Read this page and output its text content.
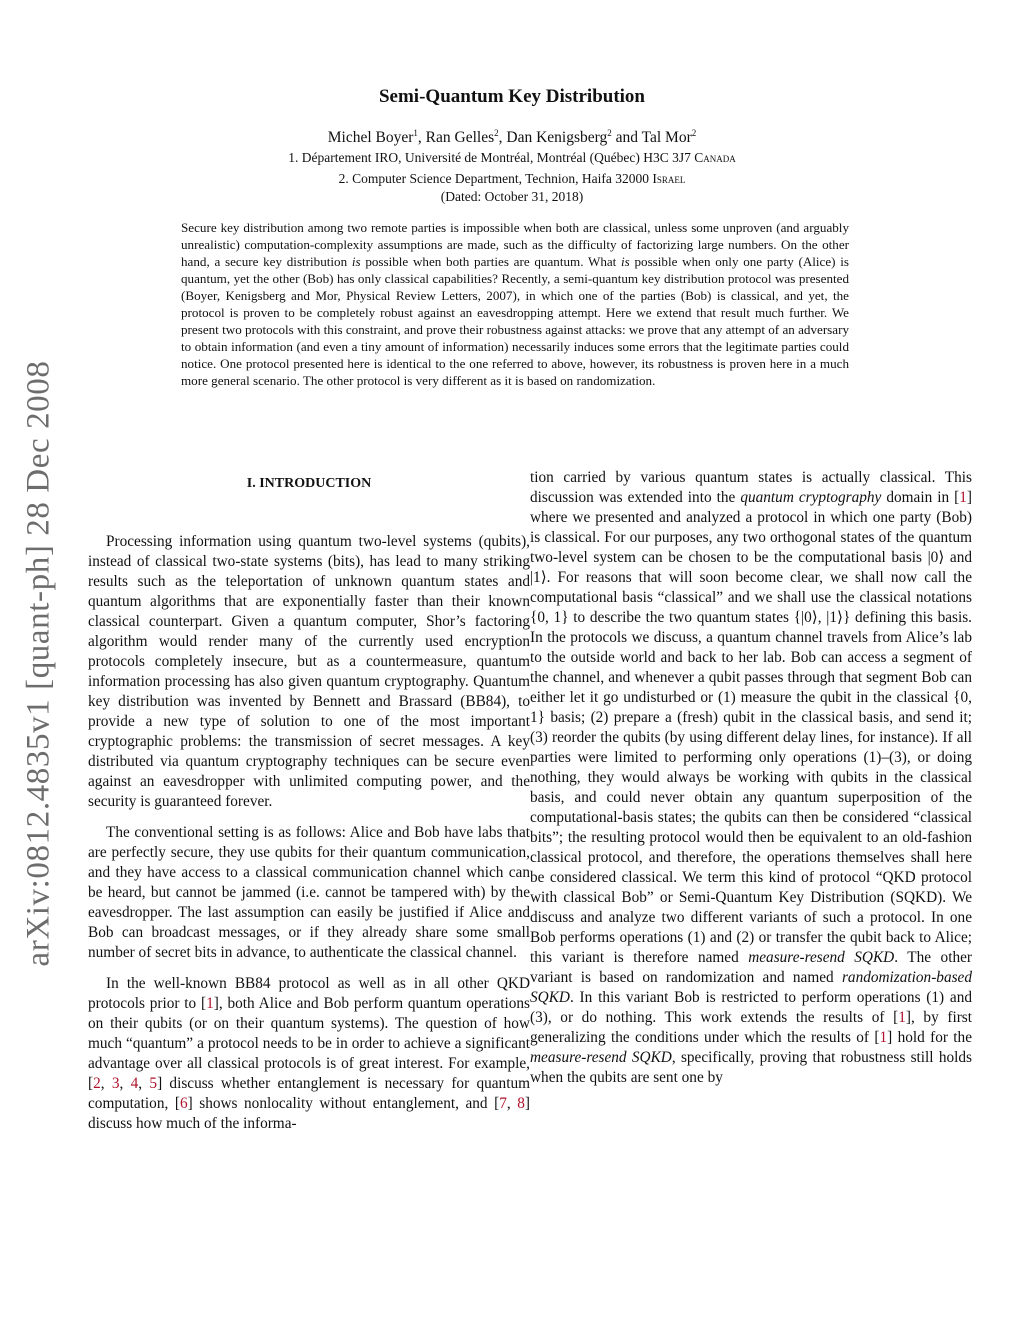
arXiv:0812.4835v1 [quant-ph] 28 Dec 2008
Semi-Quantum Key Distribution
Michel Boyer$^1$, Ran Gelles$^2$, Dan Kenigsberg$^2$ and Tal Mor$^2$
1. Département IRO, Université de Montréal, Montréal (Québec) H3C 3J7 Canada
2. Computer Science Department, Technion, Haifa 32000 Israel
(Dated: October 31, 2018)

Secure key distribution among two remote parties is impossible when both are classical, unless some unproven (and arguably unrealistic) computation-complexity assumptions are made, such as the difficulty of factorizing large numbers. On the other hand, a secure key distribution is possible when both parties are quantum. What is possible when only one party (Alice) is quantum, yet the other (Bob) has only classical capabilities? Recently, a semi-quantum key distribution protocol was presented (Boyer, Kenigsberg and Mor, Physical Review Letters, 2007), in which one of the parties (Bob) is classical, and yet, the protocol is proven to be completely robust against an eavesdropping attempt. Here we extend that result much further. We present two protocols with this constraint, and prove their robustness against attacks: we prove that any attempt of an adversary to obtain information (and even a tiny amount of information) necessarily induces some errors that the legitimate parties could notice. One protocol presented here is identical to the one referred to above, however, its robustness is proven here in a much more general scenario. The other protocol is very different as it is based on randomization.

I. INTRODUCTION

Processing information using quantum two-level systems (qubits), instead of classical two-state systems (bits), has lead to many striking results such as the teleportation of unknown quantum states and quantum algorithms that are exponentially faster than their known classical counterpart. Given a quantum computer, Shor’s factoring algorithm would render many of the currently used encryption protocols completely insecure, but as a countermeasure, quantum information processing has also given quantum cryptography. Quantum key distribution was invented by Bennett and Brassard (BB84), to provide a new type of solution to one of the most important cryptographic problems: the transmission of secret messages. A key distributed via quantum cryptography techniques can be secure even against an eavesdropper with unlimited computing power, and the security is guaranteed forever.

The conventional setting is as follows: Alice and Bob have labs that are perfectly secure, they use qubits for their quantum communication, and they have access to a classical communication channel which can be heard, but cannot be jammed (i.e. cannot be tampered with) by the eavesdropper. The last assumption can easily be justified if Alice and Bob can broadcast messages, or if they already share some small number of secret bits in advance, to authenticate the classical channel.

In the well-known BB84 protocol as well as in all other QKD protocols prior to [1], both Alice and Bob perform quantum operations on their qubits (or on their quantum systems). The question of how much “quantum” a protocol needs to be in order to achieve a significant advantage over all classical protocols is of great interest. For example, [2, 3, 4, 5] discuss whether entanglement is necessary for quantum computation, [6] shows nonlocality without entanglement, and [7, 8] discuss how much of the informa-

tion carried by various quantum states is actually classical. This discussion was extended into the quantum cryptography domain in [1] where we presented and analyzed a protocol in which one party (Bob) is classical. For our purposes, any two orthogonal states of the quantum two-level system can be chosen to be the computational basis |0⟩ and |1⟩. For reasons that will soon become clear, we shall now call the computational basis “classical” and we shall use the classical notations {0, 1} to describe the two quantum states {|0⟩, |1⟩} defining this basis. In the protocols we discuss, a quantum channel travels from Alice’s lab to the outside world and back to her lab. Bob can access a segment of the channel, and whenever a qubit passes through that segment Bob can either let it go undisturbed or (1) measure the qubit in the classical {0, 1} basis; (2) prepare a (fresh) qubit in the classical basis, and send it; (3) reorder the qubits (by using different delay lines, for instance). If all parties were limited to performing only operations (1)–(3), or doing nothing, they would always be working with qubits in the classical basis, and could never obtain any quantum superposition of the computational-basis states; the qubits can then be considered “classical bits”; the resulting protocol would then be equivalent to an old-fashion classical protocol, and therefore, the operations themselves shall here be considered classical. We term this kind of protocol “QKD protocol with classical Bob” or Semi-Quantum Key Distribution (SQKD). We discuss and analyze two different variants of such a protocol. In one Bob performs operations (1) and (2) or transfer the qubit back to Alice; this variant is therefore named measure-resend SQKD. The other variant is based on randomization and named randomization-based SQKD. In this variant Bob is restricted to perform operations (1) and (3), or do nothing. This work extends the results of [1], by first generalizing the conditions under which the results of [1] hold for the measure-resend SQKD, specifically, proving that robustness still holds when the qubits are sent one by
